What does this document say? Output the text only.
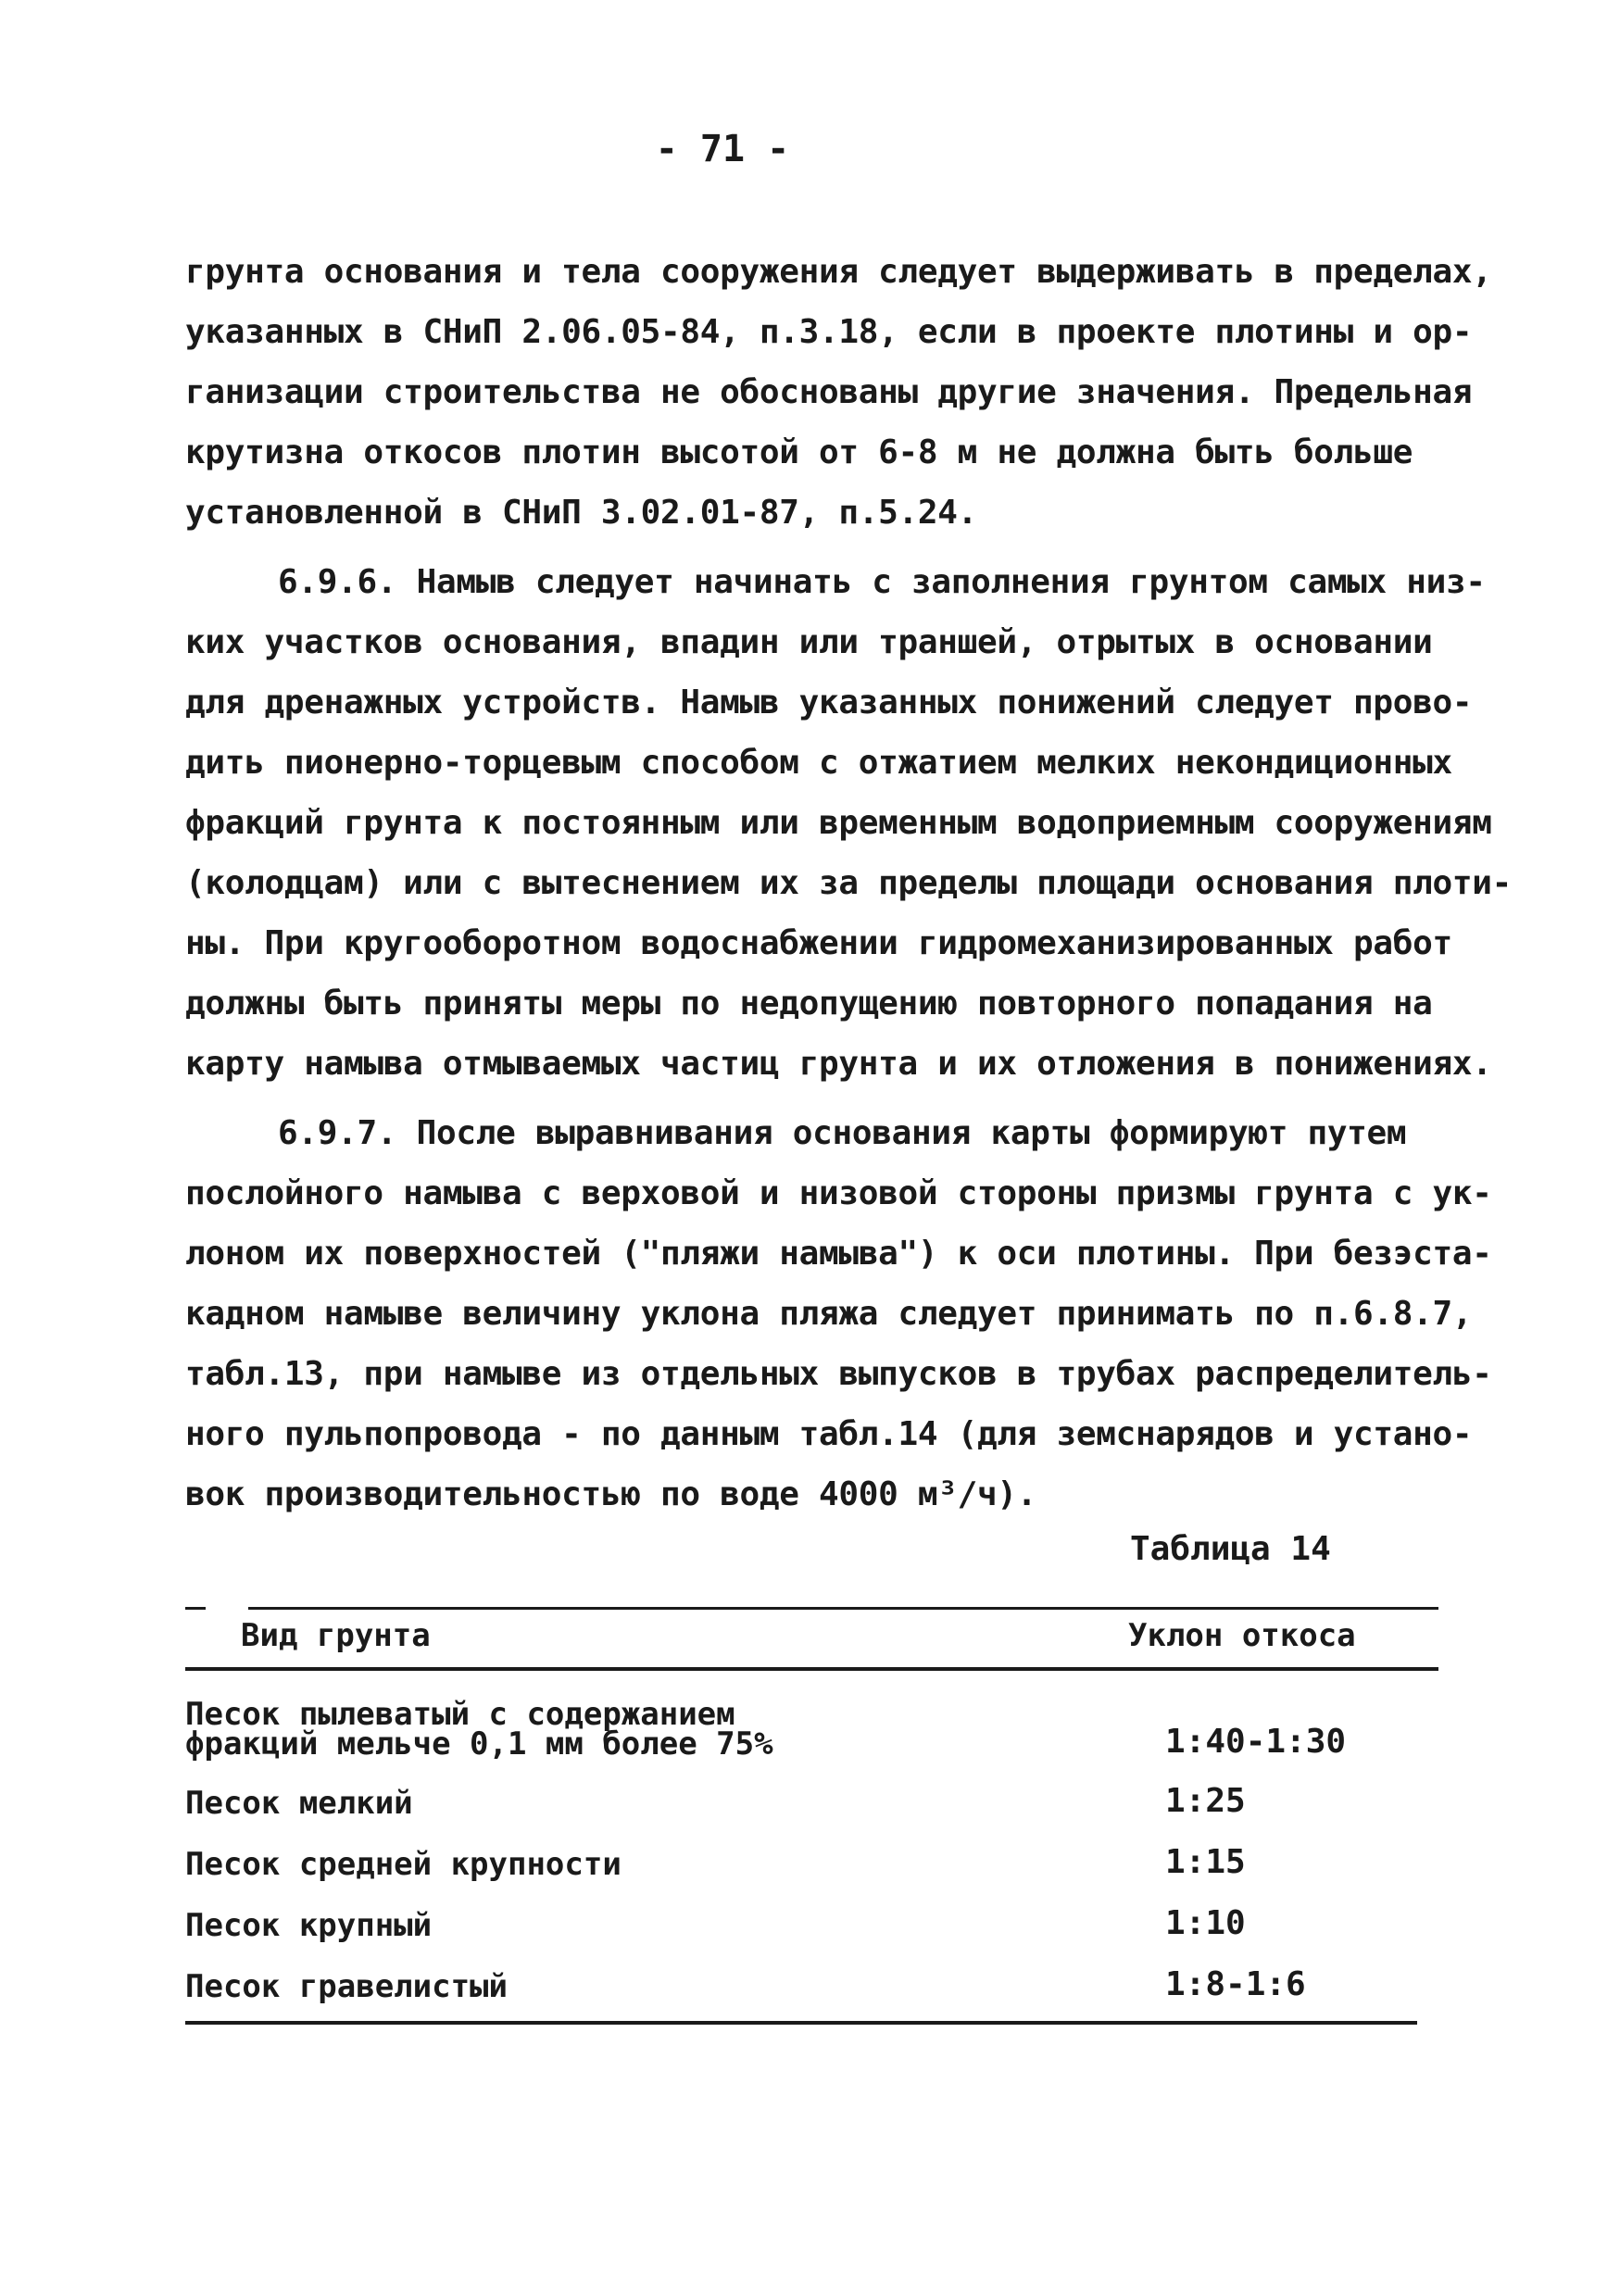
- 71 -
грунта основания и тела сооружения следует выдерживать в пределах,
указанных в СНиП 2.06.05-84, п.3.18, если в проекте плотины и ор-
ганизации строительства не обоснованы другие значения. Предельная
крутизна откосов плотин высотой от 6-8 м не должна быть больше
установленной в СНиП 3.02.01-87, п.5.24.
6.9.6. Намыв следует начинать с заполнения грунтом самых низ-
ких участков основания, впадин или траншей, отрытых в основании
для дренажных устройств. Намыв указанных понижений следует прово-
дить пионерно-торцевым способом с отжатием мелких некондиционных
фракций грунта к постоянным или временным водоприемным сооружениям
(колодцам) или с вытеснением их за пределы площади основания плоти-
ны. При кругооборотном водоснабжении гидромеханизированных работ
должны быть приняты меры по недопущению повторного попадания на
карту намыва отмываемых частиц грунта и их отложения в понижениях.
6.9.7. После выравнивания основания карты формируют путем
послойного намыва с верховой и низовой стороны призмы грунта с ук-
лоном их поверхностей ("пляжи намыва") к оси плотины. При безэста-
кадном намыве величину уклона пляжа следует принимать по п.6.8.7,
табл.13, при намыве из отдельных выпусков в трубах распределитель-
ного пульпопровода - по данным табл.14 (для земснарядов и устано-
вок производительностью по воде 4000 м³/ч).
Таблица 14
Вид грунта	Уклон откоса
Песок пылеватый с содержанием
фракций мельче 0,1 мм более 75%	1:40-1:30
Песок мелкий	1:25
Песок средней крупности	1:15
Песок крупный	1:10
Песок гравелистый	1:8-1:6
